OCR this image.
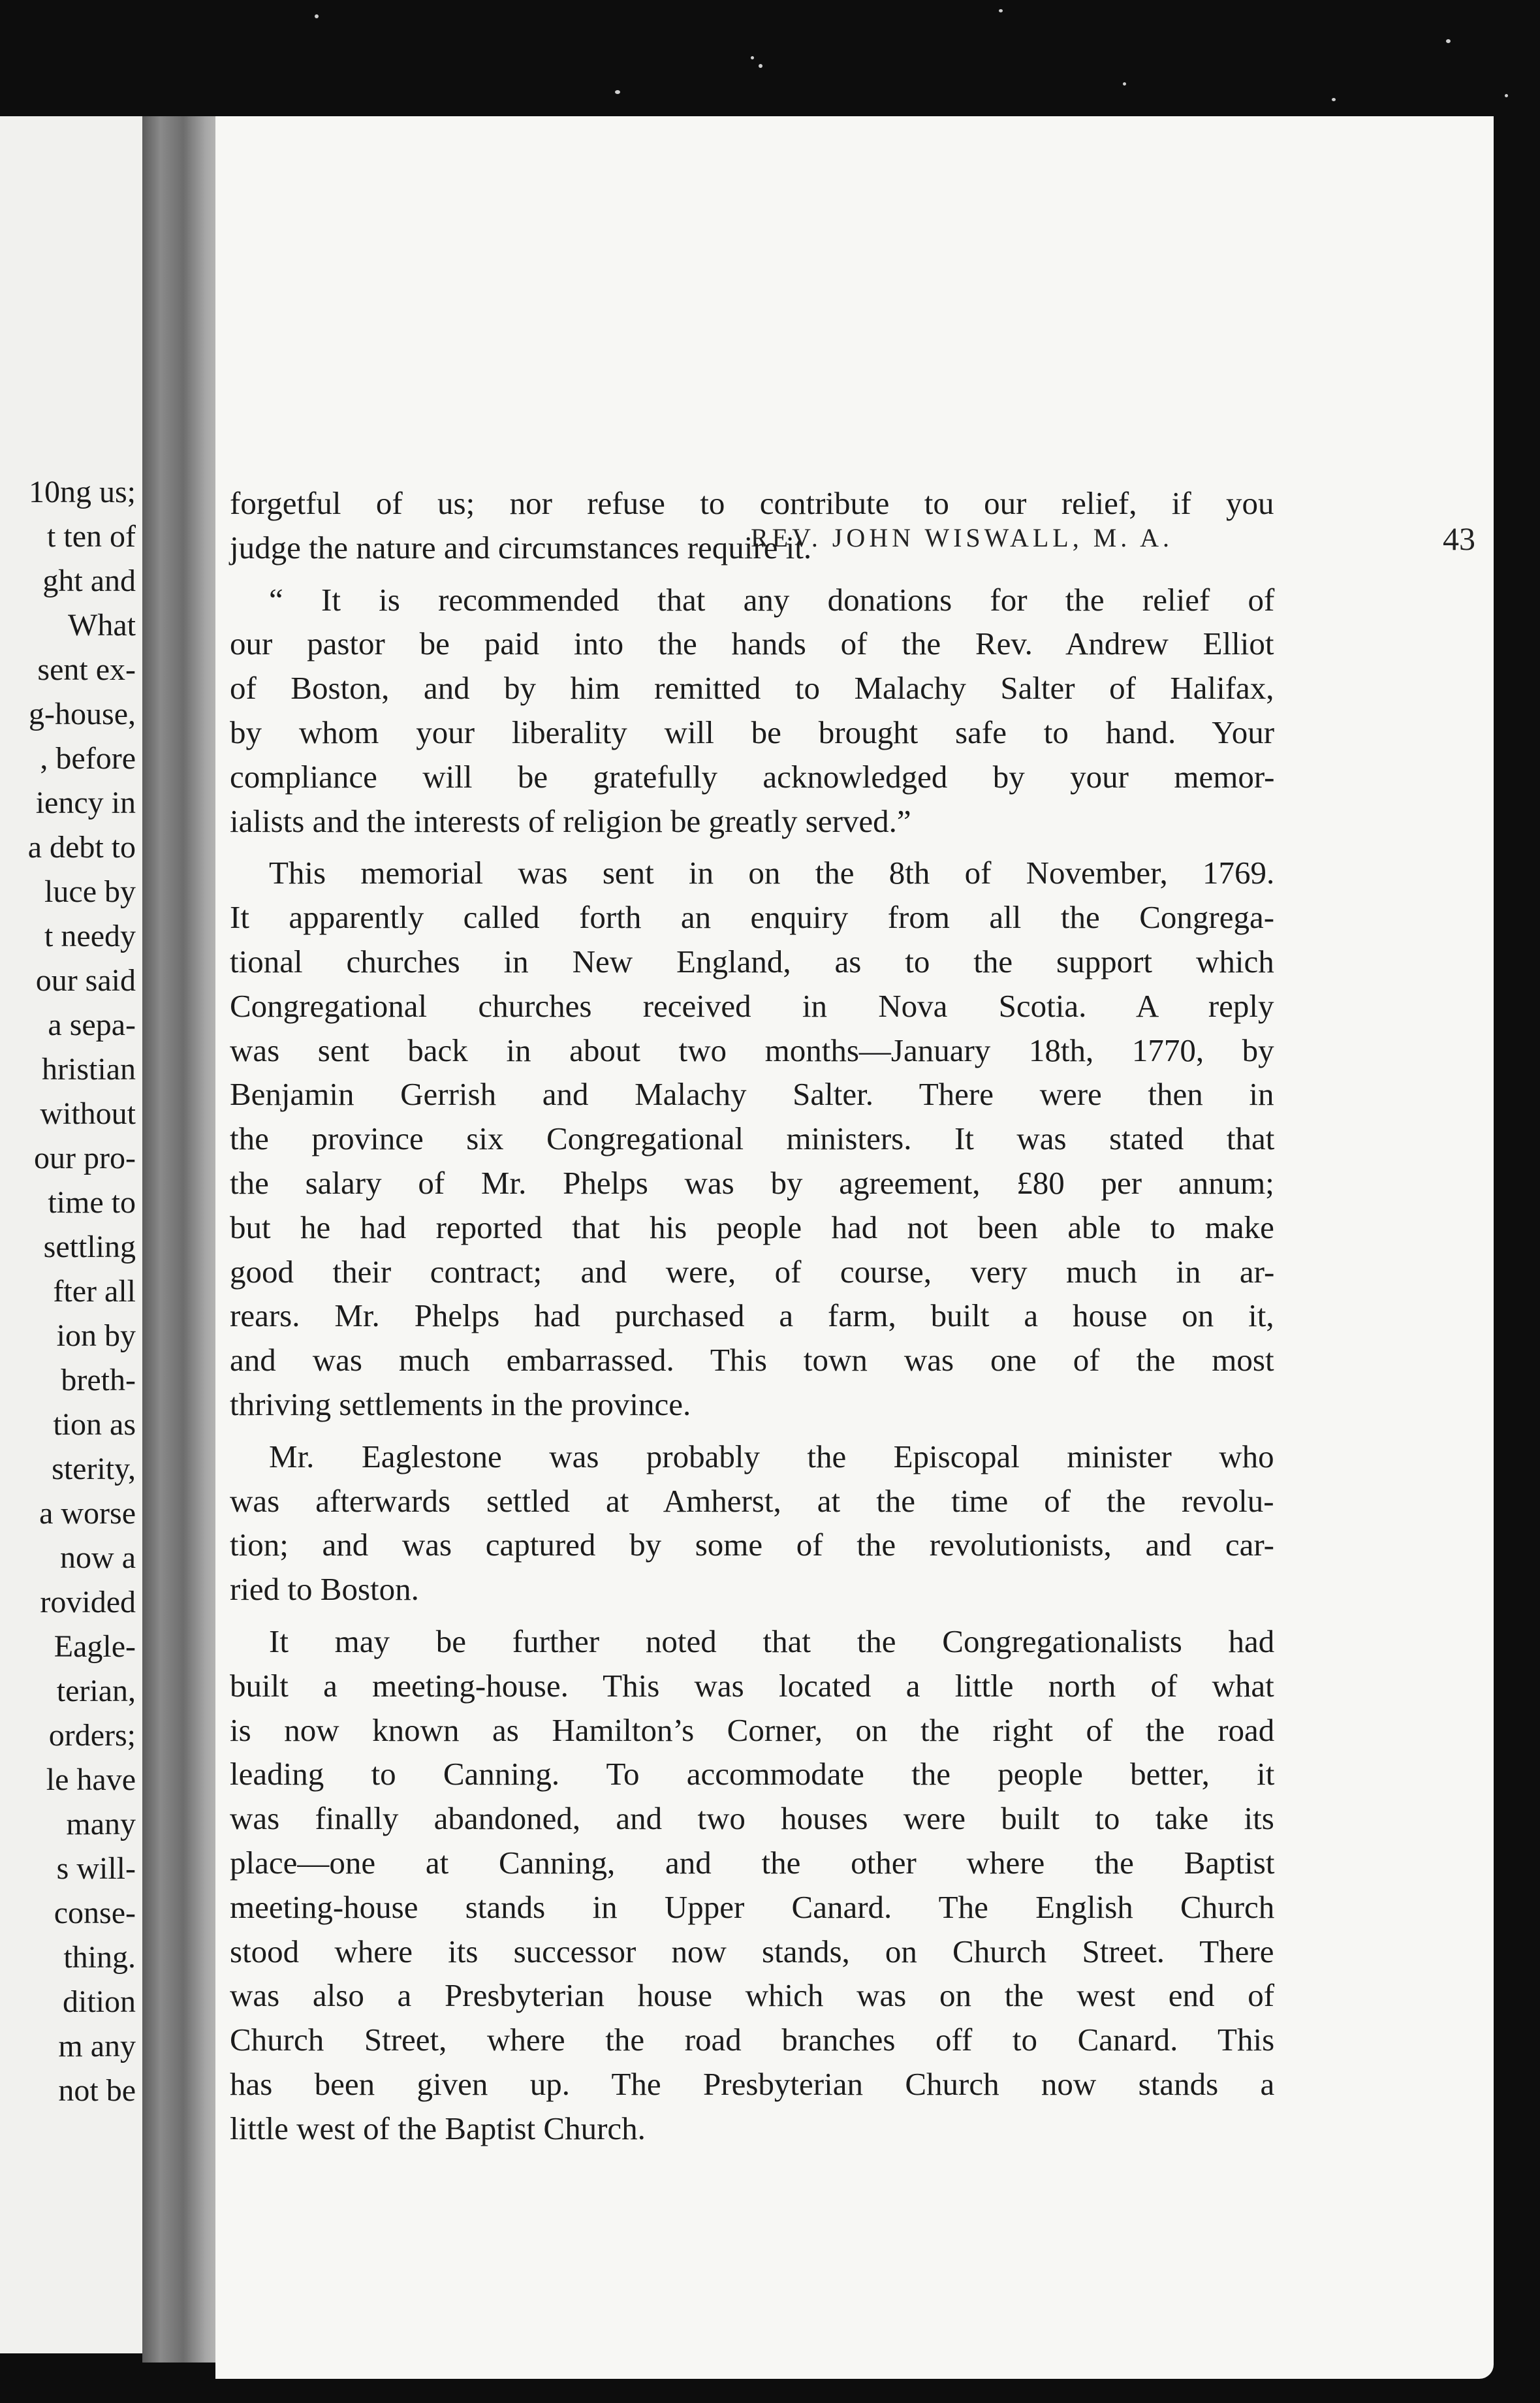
10ng us;

t ten of

ght and

What

sent ex-

g-house,

, before

iency in

a debt to

luce by

t needy

our said

a sepa-

hristian

without

our pro-

time to

settling

fter all

ion by

breth-

tion as

sterity,

a worse

now a

rovided

Eagle-

terian,

orders;

le have

many

s will-

conse-

thing.

dition

m any

not be

REV. JOHN WISWALL, M. A.	43

forgetful of us; nor refuse to contribute to our relief, if you

judge the nature and circumstances require it.

“ It is recommended that any donations for the relief of

our pastor be paid into the hands of the Rev. Andrew Elliot

of Boston, and by him remitted to Malachy Salter of Halifax,

by whom your liberality will be brought safe to hand. Your

compliance will be gratefully acknowledged by your memor-

ialists and the interests of religion be greatly served.”

This memorial was sent in on the 8th of November, 1769.

It apparently called forth an enquiry from all the Congrega-

tional churches in New England, as to the support which

Congregational churches received in Nova Scotia. A reply

was sent back in about two months—January 18th, 1770, by

Benjamin Gerrish and Malachy Salter. There were then in

the province six Congregational ministers. It was stated that

the salary of Mr. Phelps was by agreement, £80 per annum;

but he had reported that his people had not been able to make

good their contract; and were, of course, very much in ar-

rears. Mr. Phelps had purchased a farm, built a house on it,

and was much embarrassed. This town was one of the most

thriving settlements in the province.

Mr. Eaglestone was probably the Episcopal minister who

was afterwards settled at Amherst, at the time of the revolu-

tion; and was captured by some of the revolutionists, and car-

ried to Boston.

It may be further noted that the Congregationalists had

built a meeting-house. This was located a little north of what

is now known as Hamilton’s Corner, on the right of the road

leading to Canning. To accommodate the people better, it

was finally abandoned, and two houses were built to take its

place—one at Canning, and the other where the Baptist

meeting-house stands in Upper Canard. The English Church

stood where its successor now stands, on Church Street. There

was also a Presbyterian house which was on the west end of

Church Street, where the road branches off to Canard. This

has been given up. The Presbyterian Church now stands a

little west of the Baptist Church.
